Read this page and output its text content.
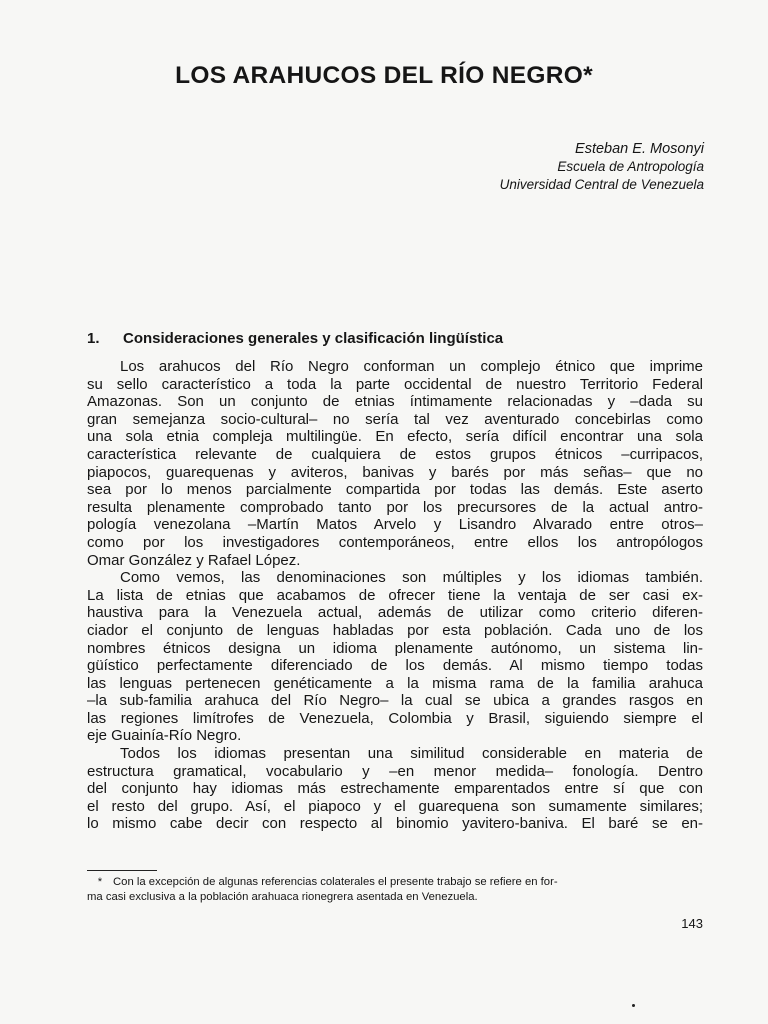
LOS ARAHUCOS DEL RÍO NEGRO*
Esteban E. Mosonyi
Escuela de Antropología
Universidad Central de Venezuela
1. Consideraciones generales y clasificación lingüística
Los arahucos del Río Negro conforman un complejo étnico que imprime
su sello característico a toda la parte occidental de nuestro Territorio Federal
Amazonas. Son un conjunto de etnias íntimamente relacionadas y –dada su
gran semejanza socio-cultural– no sería tal vez aventurado concebirlas como
una sola etnia compleja multilingüe. En efecto, sería difícil encontrar una sola
característica relevante de cualquiera de estos grupos étnicos –curripacos,
piapocos, guarequenas y aviteros, banivas y barés por más señas– que no
sea por lo menos parcialmente compartida por todas las demás. Este aserto
resulta plenamente comprobado tanto por los precursores de la actual antro-
pología venezolana –Martín Matos Arvelo y Lisandro Alvarado entre otros–
como por los investigadores contemporáneos, entre ellos los antropólogos
Omar González y Rafael López.
Como vemos, las denominaciones son múltiples y los idiomas también.
La lista de etnias que acabamos de ofrecer tiene la ventaja de ser casi ex-
haustiva para la Venezuela actual, además de utilizar como criterio diferen-
ciador el conjunto de lenguas habladas por esta población. Cada uno de los
nombres étnicos designa un idioma plenamente autónomo, un sistema lin-
güístico perfectamente diferenciado de los demás. Al mismo tiempo todas
las lenguas pertenecen genéticamente a la misma rama de la familia arahuca
–la sub-familia arahuca del Río Negro– la cual se ubica a grandes rasgos en
las regiones limítrofes de Venezuela, Colombia y Brasil, siguiendo siempre el
eje Guainía-Río Negro.
Todos los idiomas presentan una similitud considerable en materia de
estructura gramatical, vocabulario y –en menor medida– fonología. Dentro
del conjunto hay idiomas más estrechamente emparentados entre sí que con
el resto del grupo. Así, el piapoco y el guarequena son sumamente similares;
lo mismo cabe decir con respecto al binomio yavitero-baniva. El baré se en-
* Con la excepción de algunas referencias colaterales el presente trabajo se refiere en for-
ma casi exclusiva a la población arahuaca rionegrera asentada en Venezuela.
143
